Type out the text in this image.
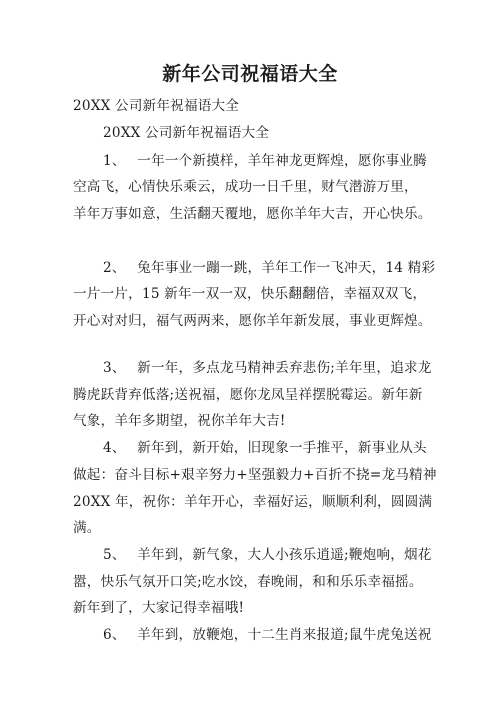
新年公司祝福语大全
20XX 公司新年祝福语大全
20XX 公司新年祝福语大全
1、　 一年一个新摸样，羊年神龙更辉煌，愿你事业腾
空高飞，心情快乐乘云，成功一日千里，财气潜游万里，
羊年万事如意，生活翻天覆地，愿你羊年大吉，开心快乐。
2、　 兔年事业一蹦一跳，羊年工作一飞冲天，14 精彩
一片一片，15 新年一双一双，快乐翻翻倍，幸福双双飞，
开心对对归，福气两两来，愿你羊年新发展，事业更辉煌。
3、　 新一年，多点龙马精神丢弃悲伤;羊年里，追求龙
腾虎跃背弃低落;送祝福，愿你龙凤呈祥摆脱霉运。新年新
气象，羊年多期望，祝你羊年大吉!
4、　 新年到，新开始，旧现象一手推平，新事业从头
做起：奋斗目标+艰辛努力+坚强毅力+百折不挠=龙马精神
20XX 年，祝你：羊年开心，幸福好运，顺顺利利，圆圆满
满。
5、　 羊年到，新气象，大人小孩乐逍遥;鞭炮响，烟花
嚣，快乐气氛开口笑;吃水饺，春晚闹，和和乐乐幸福摇。
新年到了，大家记得幸福哦!
6、　 羊年到，放鞭炮，十二生肖来报道;鼠牛虎兔送祝
